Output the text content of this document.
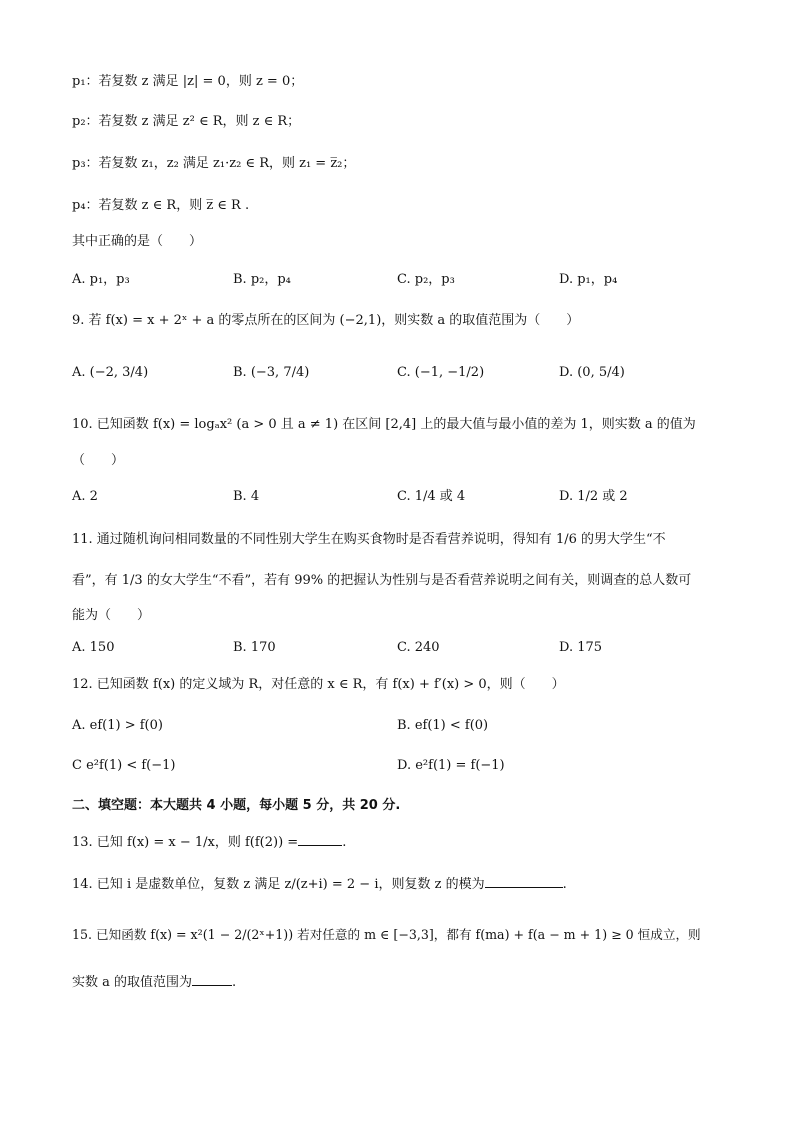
p₁：若复数 z 满足 |z| = 0，则 z = 0；
p₂：若复数 z 满足 z² ∈ R，则 z ∈ R；
p₃：若复数 z₁，z₂ 满足 z₁·z₂ ∈ R，则 z₁ = z̅₂；
p₄：若复数 z ∈ R，则 z̅ ∈ R .
其中正确的是（　　）
A. p₁，p₃	B. p₂，p₄	C. p₂，p₃	D. p₁，p₄
9. 若 f(x) = x + 2ˣ + a 的零点所在的区间为 (−2,1)，则实数 a 的取值范围为（　　）
A. (−2, 3/4)	B. (−3, 7/4)	C. (−1, −1/2)	D. (0, 5/4)
10. 已知函数 f(x) = logₐx² (a > 0 且 a ≠ 1) 在区间 [2,4] 上的最大值与最小值的差为 1，则实数 a 的值为
（　　）
A. 2	B. 4	C. 1/4 或 4	D. 1/2 或 2
11. 通过随机询问相同数量的不同性别大学生在购买食物时是否看营养说明，得知有 1/6 的男大学生“不
看”，有 1/3 的女大学生“不看”，若有 99% 的把握认为性别与是否看营养说明之间有关，则调查的总人数可
能为（　　）
A. 150	B. 170	C. 240	D. 175
12. 已知函数 f(x) 的定义域为 R，对任意的 x ∈ R，有 f(x) + f′(x) > 0，则（　　）
A. ef(1) > f(0)	B. ef(1) < f(0)
C e²f(1) < f(−1)	D. e²f(1) = f(−1)
二、填空题：本大题共 4 小题，每小题 5 分，共 20 分.
13. 已知 f(x) = x − 1/x，则 f(f(2)) =	.
14. 已知 i 是虚数单位，复数 z 满足 z/(z+i) = 2 − i，则复数 z 的模为	.
15. 已知函数 f(x) = x²(1 − 2/(2ˣ+1)) 若对任意的 m ∈ [−3,3]，都有 f(ma) + f(a − m + 1) ≥ 0 恒成立，则
实数 a 的取值范围为	.
